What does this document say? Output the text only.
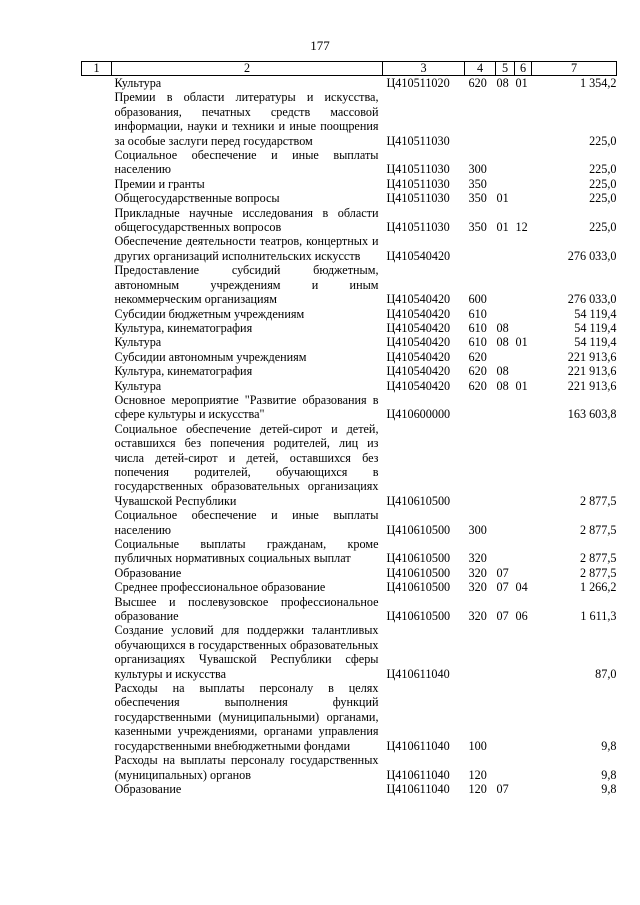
177
1	2	3	4	5	6	7
	Культура	Ц410511020	620	08	01	1 354,2
	Премии в области литературы и искусства, образования, печатных средств массовой информации, науки и техники и иные поощрения за особые заслуги перед государством	Ц410511030				225,0
	Социальное обеспечение и иные выплаты населению	Ц410511030	300			225,0
	Премии и гранты	Ц410511030	350			225,0
	Общегосударственные вопросы	Ц410511030	350	01		225,0
	Прикладные научные исследования в области общегосударственных вопросов	Ц410511030	350	01	12	225,0
	Обеспечение деятельности театров, концертных и других организаций исполнительских искусств	Ц410540420				276 033,0
	Предоставление субсидий бюджетным, автономным учреждениям и иным некоммерческим организациям	Ц410540420	600			276 033,0
	Субсидии бюджетным учреждениям	Ц410540420	610			54 119,4
	Культура, кинематография	Ц410540420	610	08		54 119,4
	Культура	Ц410540420	610	08	01	54 119,4
	Субсидии автономным учреждениям	Ц410540420	620			221 913,6
	Культура, кинематография	Ц410540420	620	08		221 913,6
	Культура	Ц410540420	620	08	01	221 913,6
	Основное мероприятие "Развитие образования в сфере культуры и искусства"	Ц410600000				163 603,8
	Социальное обеспечение детей-сирот и детей, оставшихся без попечения родителей, лиц из числа детей-сирот и детей, оставшихся без попечения родителей, обучающихся в государственных образовательных организациях Чувашской Республики	Ц410610500				2 877,5
	Социальное обеспечение и иные выплаты населению	Ц410610500	300			2 877,5
	Социальные выплаты гражданам, кроме публичных нормативных социальных выплат	Ц410610500	320			2 877,5
	Образование	Ц410610500	320	07		2 877,5
	Среднее профессиональное образование	Ц410610500	320	07	04	1 266,2
	Высшее и послевузовское профессиональное образование	Ц410610500	320	07	06	1 611,3
	Создание условий для поддержки талантливых обучающихся в государственных образовательных организациях Чувашской Республики сферы культуры и искусства	Ц410611040				87,0
	Расходы на выплаты персоналу в целях обеспечения выполнения функций государственными (муниципальными) органами, казенными учреждениями, органами управления государственными внебюджетными фондами	Ц410611040	100			9,8
	Расходы на выплаты персоналу государственных (муниципальных) органов	Ц410611040	120			9,8
	Образование	Ц410611040	120	07		9,8
